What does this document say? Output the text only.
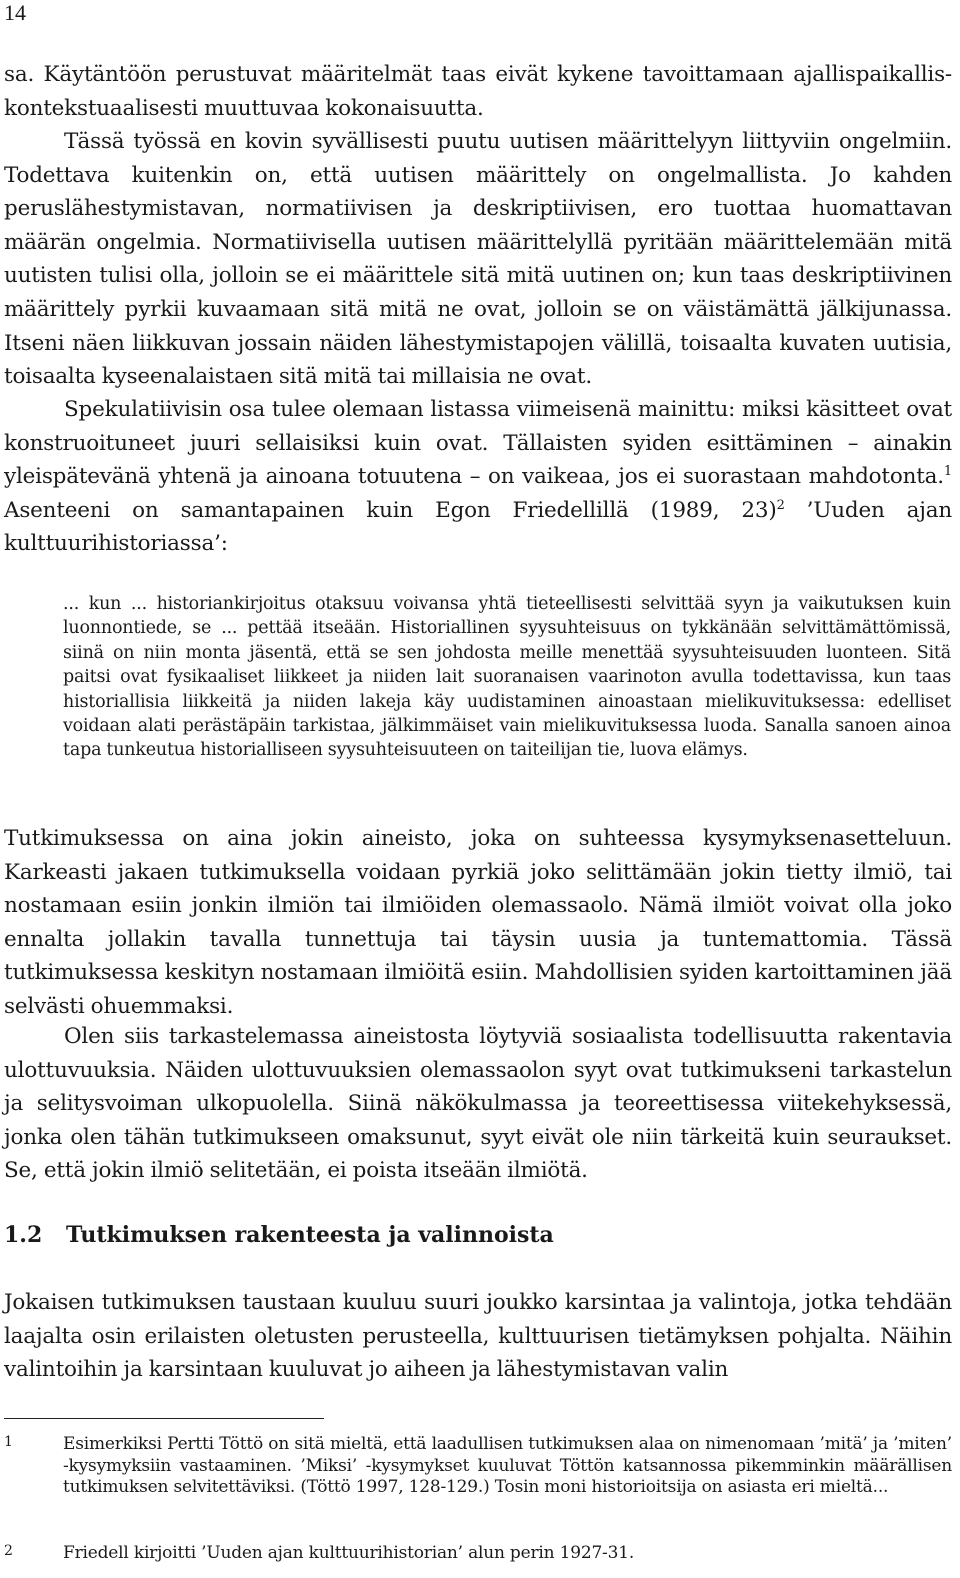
14

sa. Käytäntöön perustuvat määritelmät taas eivät kykene tavoittamaan ajallispaikallis-kontekstuaalisesti muuttuvaa kokonaisuutta.

Tässä työssä en kovin syvällisesti puutu uutisen määrittelyyn liittyviin ongelmiin. Todettava kuitenkin on, että uutisen määrittely on ongelmallista. Jo kahden peruslähestymistavan, normatiivisen ja deskriptiivisen, ero tuottaa huomattavan määrän ongelmia. Normatiivisella uutisen määrittelyllä pyritään määrittelemään mitä uutisten tulisi olla, jolloin se ei määrittele sitä mitä uutinen on; kun taas deskriptiivinen määrittely pyrkii kuvaamaan sitä mitä ne ovat, jolloin se on väistämättä jälkijunassa. Itseni näen liikkuvan jossain näiden lähestymistapojen välillä, toisaalta kuvaten uutisia, toisaalta kyseenalaistaen sitä mitä tai millaisia ne ovat.

Spekulatiivisin osa tulee olemaan listassa viimeisenä mainittu: miksi käsitteet ovat konstruoituneet juuri sellaisiksi kuin ovat. Tällaisten syiden esittäminen – ainakin yleispätevänä yhtenä ja ainoana totuutena – on vaikeaa, jos ei suorastaan mahdotonta.$^1$ Asenteeni on samantapainen kuin Egon Friedellillä (1989, 23)$^2$ ’Uuden ajan kulttuurihistoriassa’:

... kun ... historiankirjoitus otaksuu voivansa yhtä tieteellisesti selvittää syyn ja vaikutuksen kuin luonnontiede, se ... pettää itseään. Historiallinen syysuhteisuus on tykkänään selvittämättömissä, siinä on niin monta jäsentä, että se sen johdosta meille menettää syysuhteisuuden luonteen. Sitä paitsi ovat fysikaaliset liikkeet ja niiden lait suoranaisen vaarinoton avulla todettavissa, kun taas historiallisia liikkeitä ja niiden lakeja käy uudistaminen ainoastaan mielikuvituksessa: edelliset voidaan alati perästäpäin tarkistaa, jälkimmäiset vain mielikuvituksessa luoda. Sanalla sanoen ainoa tapa tunkeutua historialliseen syysuhteisuuteen on taiteilijan tie, luova elämys.

Tutkimuksessa on aina jokin aineisto, joka on suhteessa kysymyksenasetteluun. Karkeasti jakaen tutkimuksella voidaan pyrkiä joko selittämään jokin tietty ilmiö, tai nostamaan esiin jonkin ilmiön tai ilmiöiden olemassaolo. Nämä ilmiöt voivat olla joko ennalta jollakin tavalla tunnettuja tai täysin uusia ja tuntemattomia. Tässä tutkimuksessa keskityn nostamaan ilmiöitä esiin. Mahdollisien syiden kartoittaminen jää selvästi ohuemmaksi.

Olen siis tarkastelemassa aineistosta löytyviä sosiaalista todellisuutta rakentavia ulottuvuuksia. Näiden ulottuvuuksien olemassaolon syyt ovat tutkimukseni tarkastelun ja selitysvoiman ulkopuolella. Siinä näkökulmassa ja teoreettisessa viitekehyksessä, jonka olen tähän tutkimukseen omaksunut, syyt eivät ole niin tärkeitä kuin seuraukset. Se, että jokin ilmiö selitetään, ei poista itseään ilmiötä.

1.2 Tutkimuksen rakenteesta ja valinnoista

Jokaisen tutkimuksen taustaan kuuluu suuri joukko karsintaa ja valintoja, jotka tehdään laajalta osin erilaisten oletusten perusteella, kulttuurisen tietämyksen pohjalta. Näihin valintoihin ja karsintaan kuuluvat jo aiheen ja lähestymistavan valin

1	Esimerkiksi Pertti Töttö on sitä mieltä, että laadullisen tutkimuksen alaa on nimenomaan ’mitä’ ja ’miten’ -kysymyksiin vastaaminen. ’Miksi’ -kysymykset kuuluvat Töttön katsannossa pikemminkin määrällisen tutkimuksen selvitettäviksi. (Töttö 1997, 128-129.) Tosin moni historioitsija on asiasta eri mieltä...
2	Friedell kirjoitti ’Uuden ajan kulttuurihistorian’ alun perin 1927-31.
